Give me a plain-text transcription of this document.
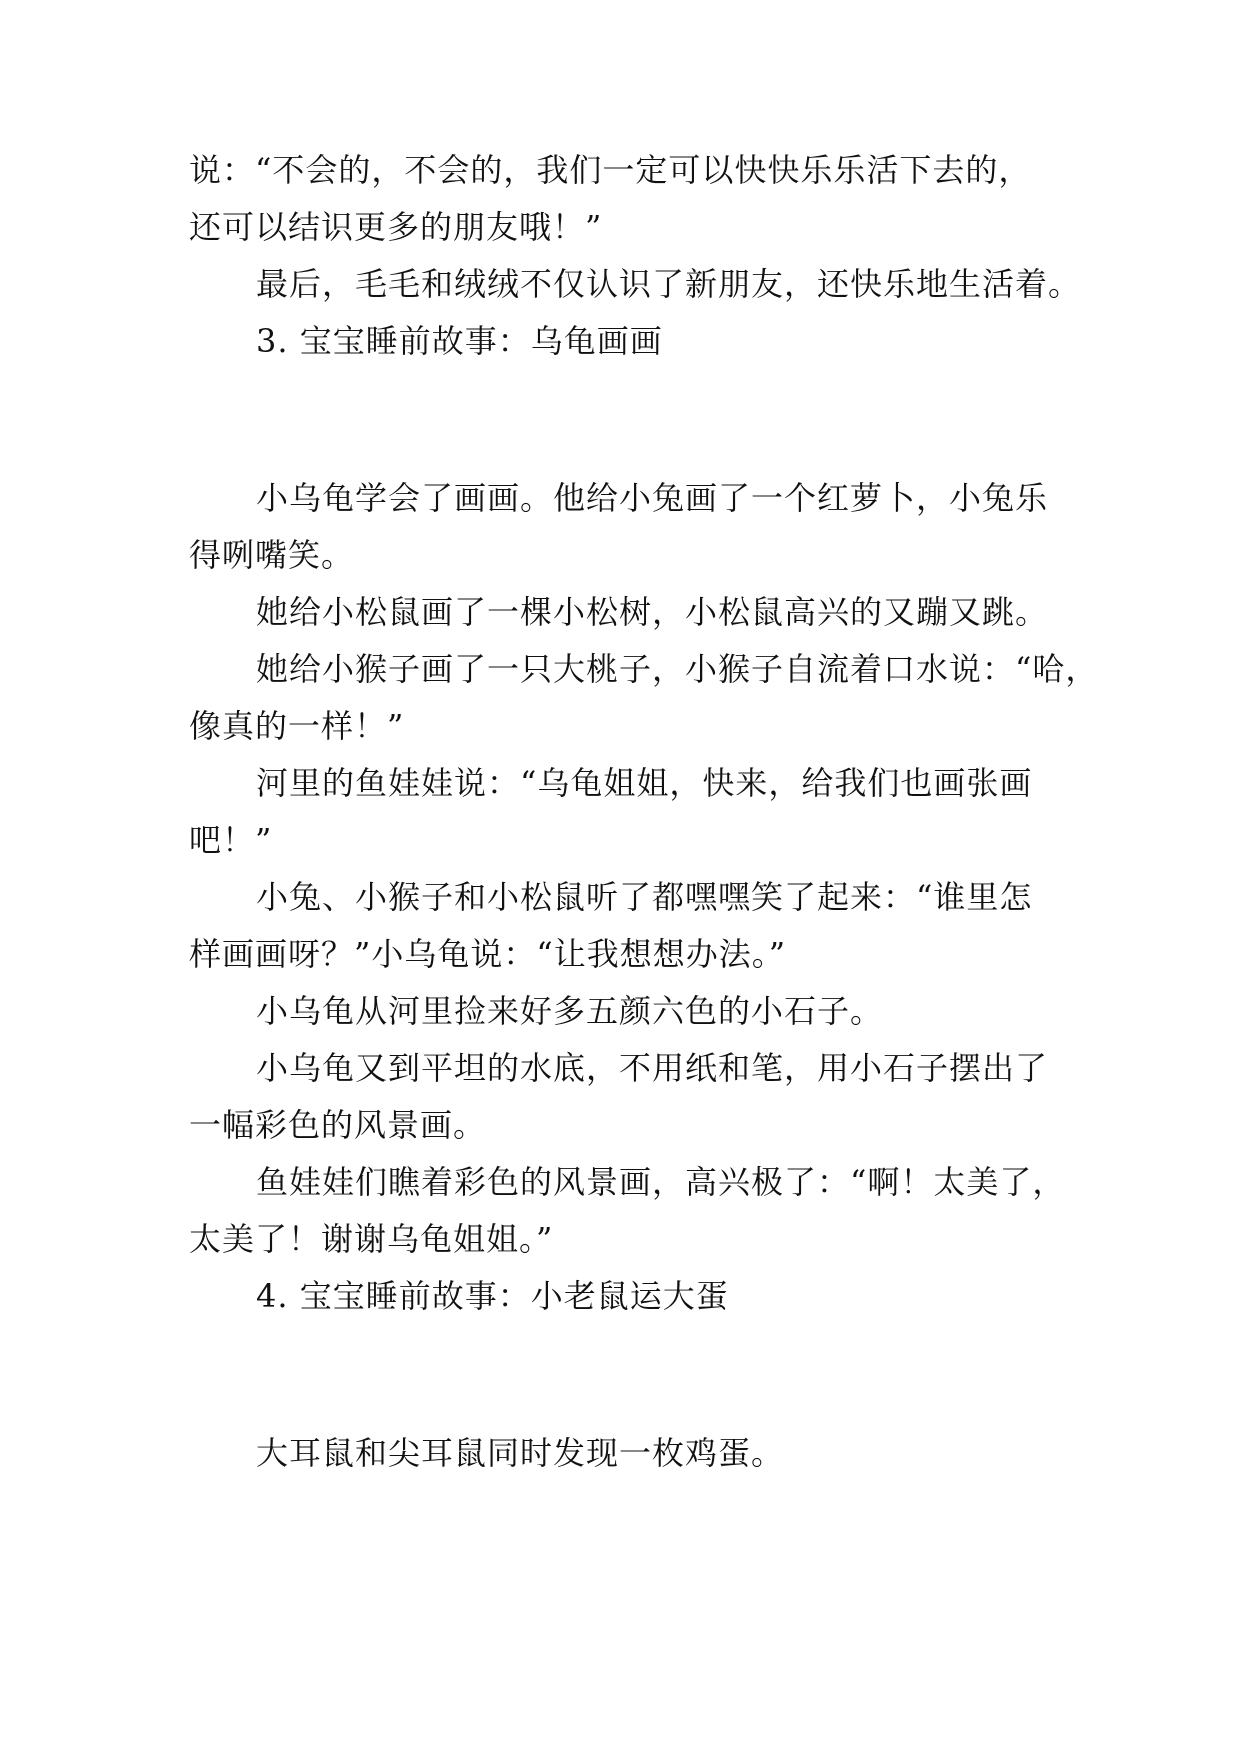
说：“不会的，不会的，我们一定可以快快乐乐活下去的，
还可以结识更多的朋友哦！”
最后，毛毛和绒绒不仅认识了新朋友，还快乐地生活着。
3. 宝宝睡前故事：乌龟画画
小乌龟学会了画画。他给小兔画了一个红萝卜，小兔乐
得咧嘴笑。
她给小松鼠画了一棵小松树，小松鼠高兴的又蹦又跳。
她给小猴子画了一只大桃子，小猴子自流着口水说：“哈，
像真的一样！”
河里的鱼娃娃说：“乌龟姐姐，快来，给我们也画张画
吧！”
小兔、小猴子和小松鼠听了都嘿嘿笑了起来：“谁里怎
样画画呀？”小乌龟说：“让我想想办法。”
小乌龟从河里捡来好多五颜六色的小石子。
小乌龟又到平坦的水底，不用纸和笔，用小石子摆出了
一幅彩色的风景画。
鱼娃娃们瞧着彩色的风景画，高兴极了：“啊！太美了，
太美了！谢谢乌龟姐姐。”
4. 宝宝睡前故事：小老鼠运大蛋
大耳鼠和尖耳鼠同时发现一枚鸡蛋。
